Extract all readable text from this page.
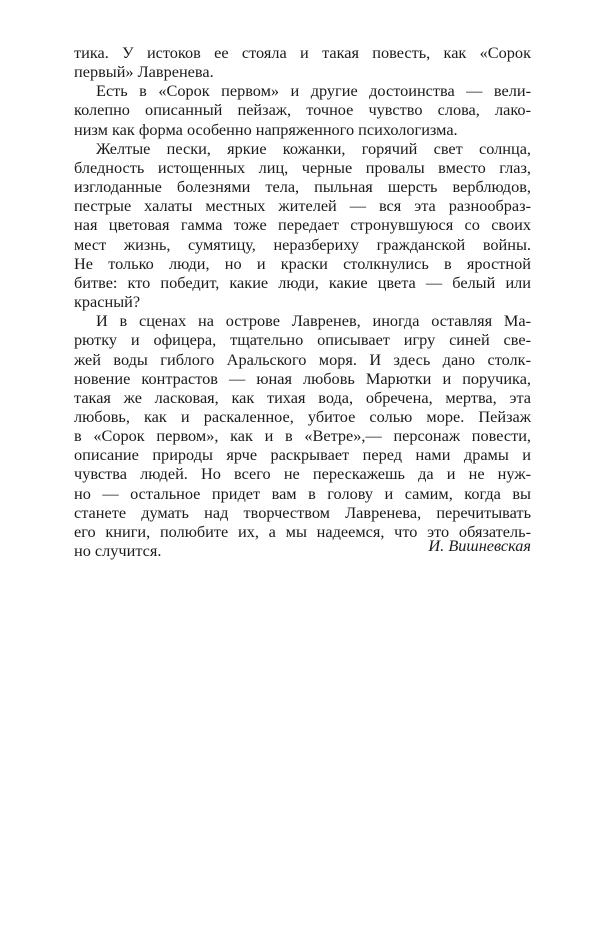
тика. У истоков ее стояла и такая повесть, как «Сорок
первый» Лавренева.
Есть в «Сорок первом» и другие достоинства — вели-
колепно описанный пейзаж, точное чувство слова, лако-
низм как форма особенно напряженного психологизма.
Желтые пески, яркие кожанки, горячий свет солнца,
бледность истощенных лиц, черные провалы вместо глаз,
изглоданные болезнями тела, пыльная шерсть верблюдов,
пестрые халаты местных жителей — вся эта разнообраз-
ная цветовая гамма тоже передает стронувшуюся со своих
мест жизнь, сумятицу, неразбериху гражданской войны.
Не только люди, но и краски столкнулись в яростной
битве: кто победит, какие люди, какие цвета — белый или
красный?
И в сценах на острове Лавренев, иногда оставляя Ма-
рютку и офицера, тщательно описывает игру синей све-
жей воды гиблого Аральского моря. И здесь дано столк-
новение контрастов — юная любовь Марютки и поручика,
такая же ласковая, как тихая вода, обречена, мертва, эта
любовь, как и раскаленное, убитое солью море. Пейзаж
в «Сорок первом», как и в «Ветре»,— персонаж повести,
описание природы ярче раскрывает перед нами драмы и
чувства людей. Но всего не перескажешь да и не нуж-
но — остальное придет вам в голову и самим, когда вы
станете думать над творчеством Лавренева, перечитывать
его книги, полюбите их, а мы надеемся, что это обязатель-
но случится.	И. Вишневская
